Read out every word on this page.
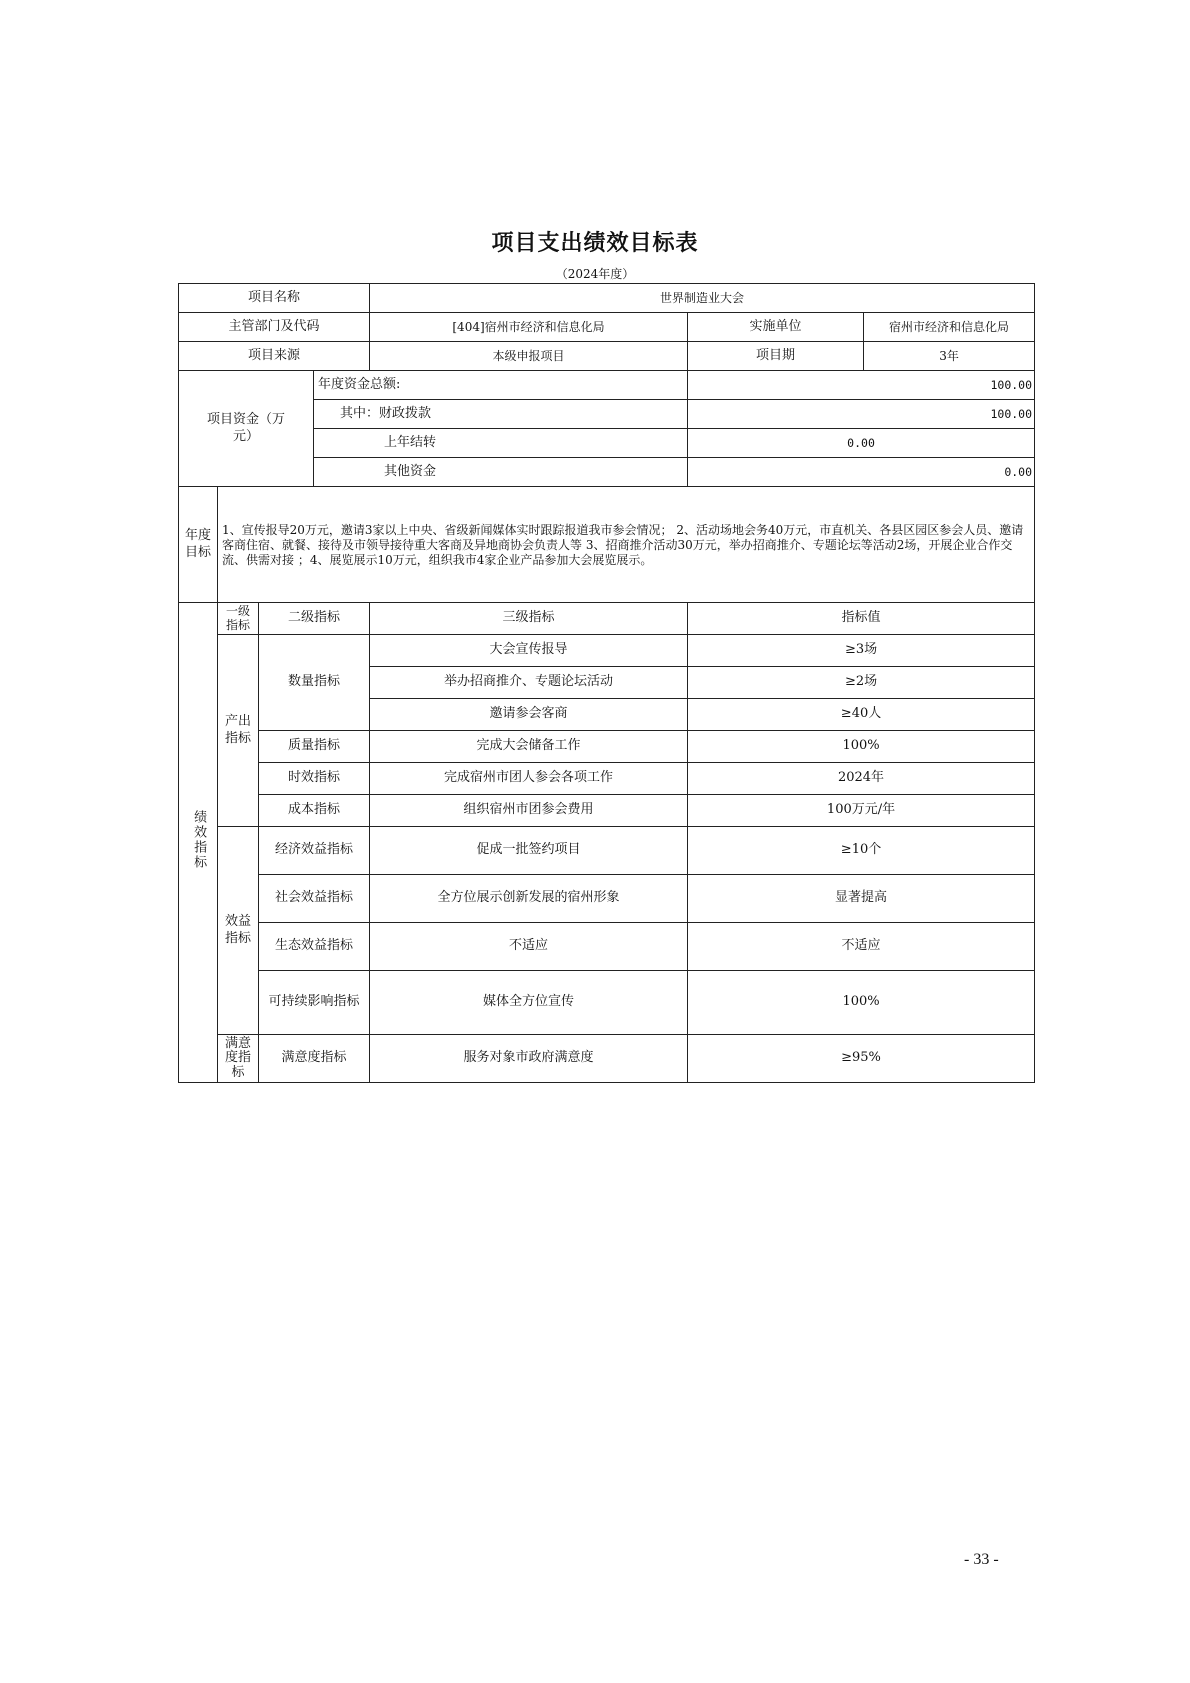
项目支出绩效目标表
（2024年度）
项目名称				世界制造业大会		
主管部门及代码				[404]宿州市经济和信息化局	实施单位	宿州市经济和信息化局
项目来源				本级申报项目	项目期	3年

项目资金（万元）			年度资金总额:		100.00	
			其中：财政拨款		100.00	
			上年结转		0.00	
			其他资金		0.00	

年度目标	1、宣传报导20万元，邀请3家以上中央、省级新闻媒体实时跟踪报道我市参会情况； 2、活动场地会务40万元，市直机关、各县区园区参会人员、邀请客商住宿、就餐、接待及市领导接待重大客商及异地商协会负责人等 3、招商推介活动30万元，举办招商推介、专题论坛等活动2场，开展企业合作交流、供需对接 ；4、展览展示10万元，组织我市4家企业产品参加大会展览展示。					
绩效指标	一级指标	二级指标		三级指标	指标值	

	产出指标	数量指标		大会宣传报导	≥3场	
				举办招商推介、专题论坛活动	≥2场	
				邀请参会客商	≥40人	
		质量指标		完成大会储备工作	100%	
		时效指标		完成宿州市团人参会各项工作	2024年	
		成本指标		组织宿州市团参会费用	100万元/年	

	效益指标	经济效益指标		促成一批签约项目	≥10个	
		社会效益指标		全方位展示创新发展的宿州形象	显著提高	
		生态效益指标		不适应	不适应	
		可持续影响指标		媒体全方位宣传	100%	

	满意度指标	满意度指标		服务对象市政府满意度	≥95%	
- 33 -
